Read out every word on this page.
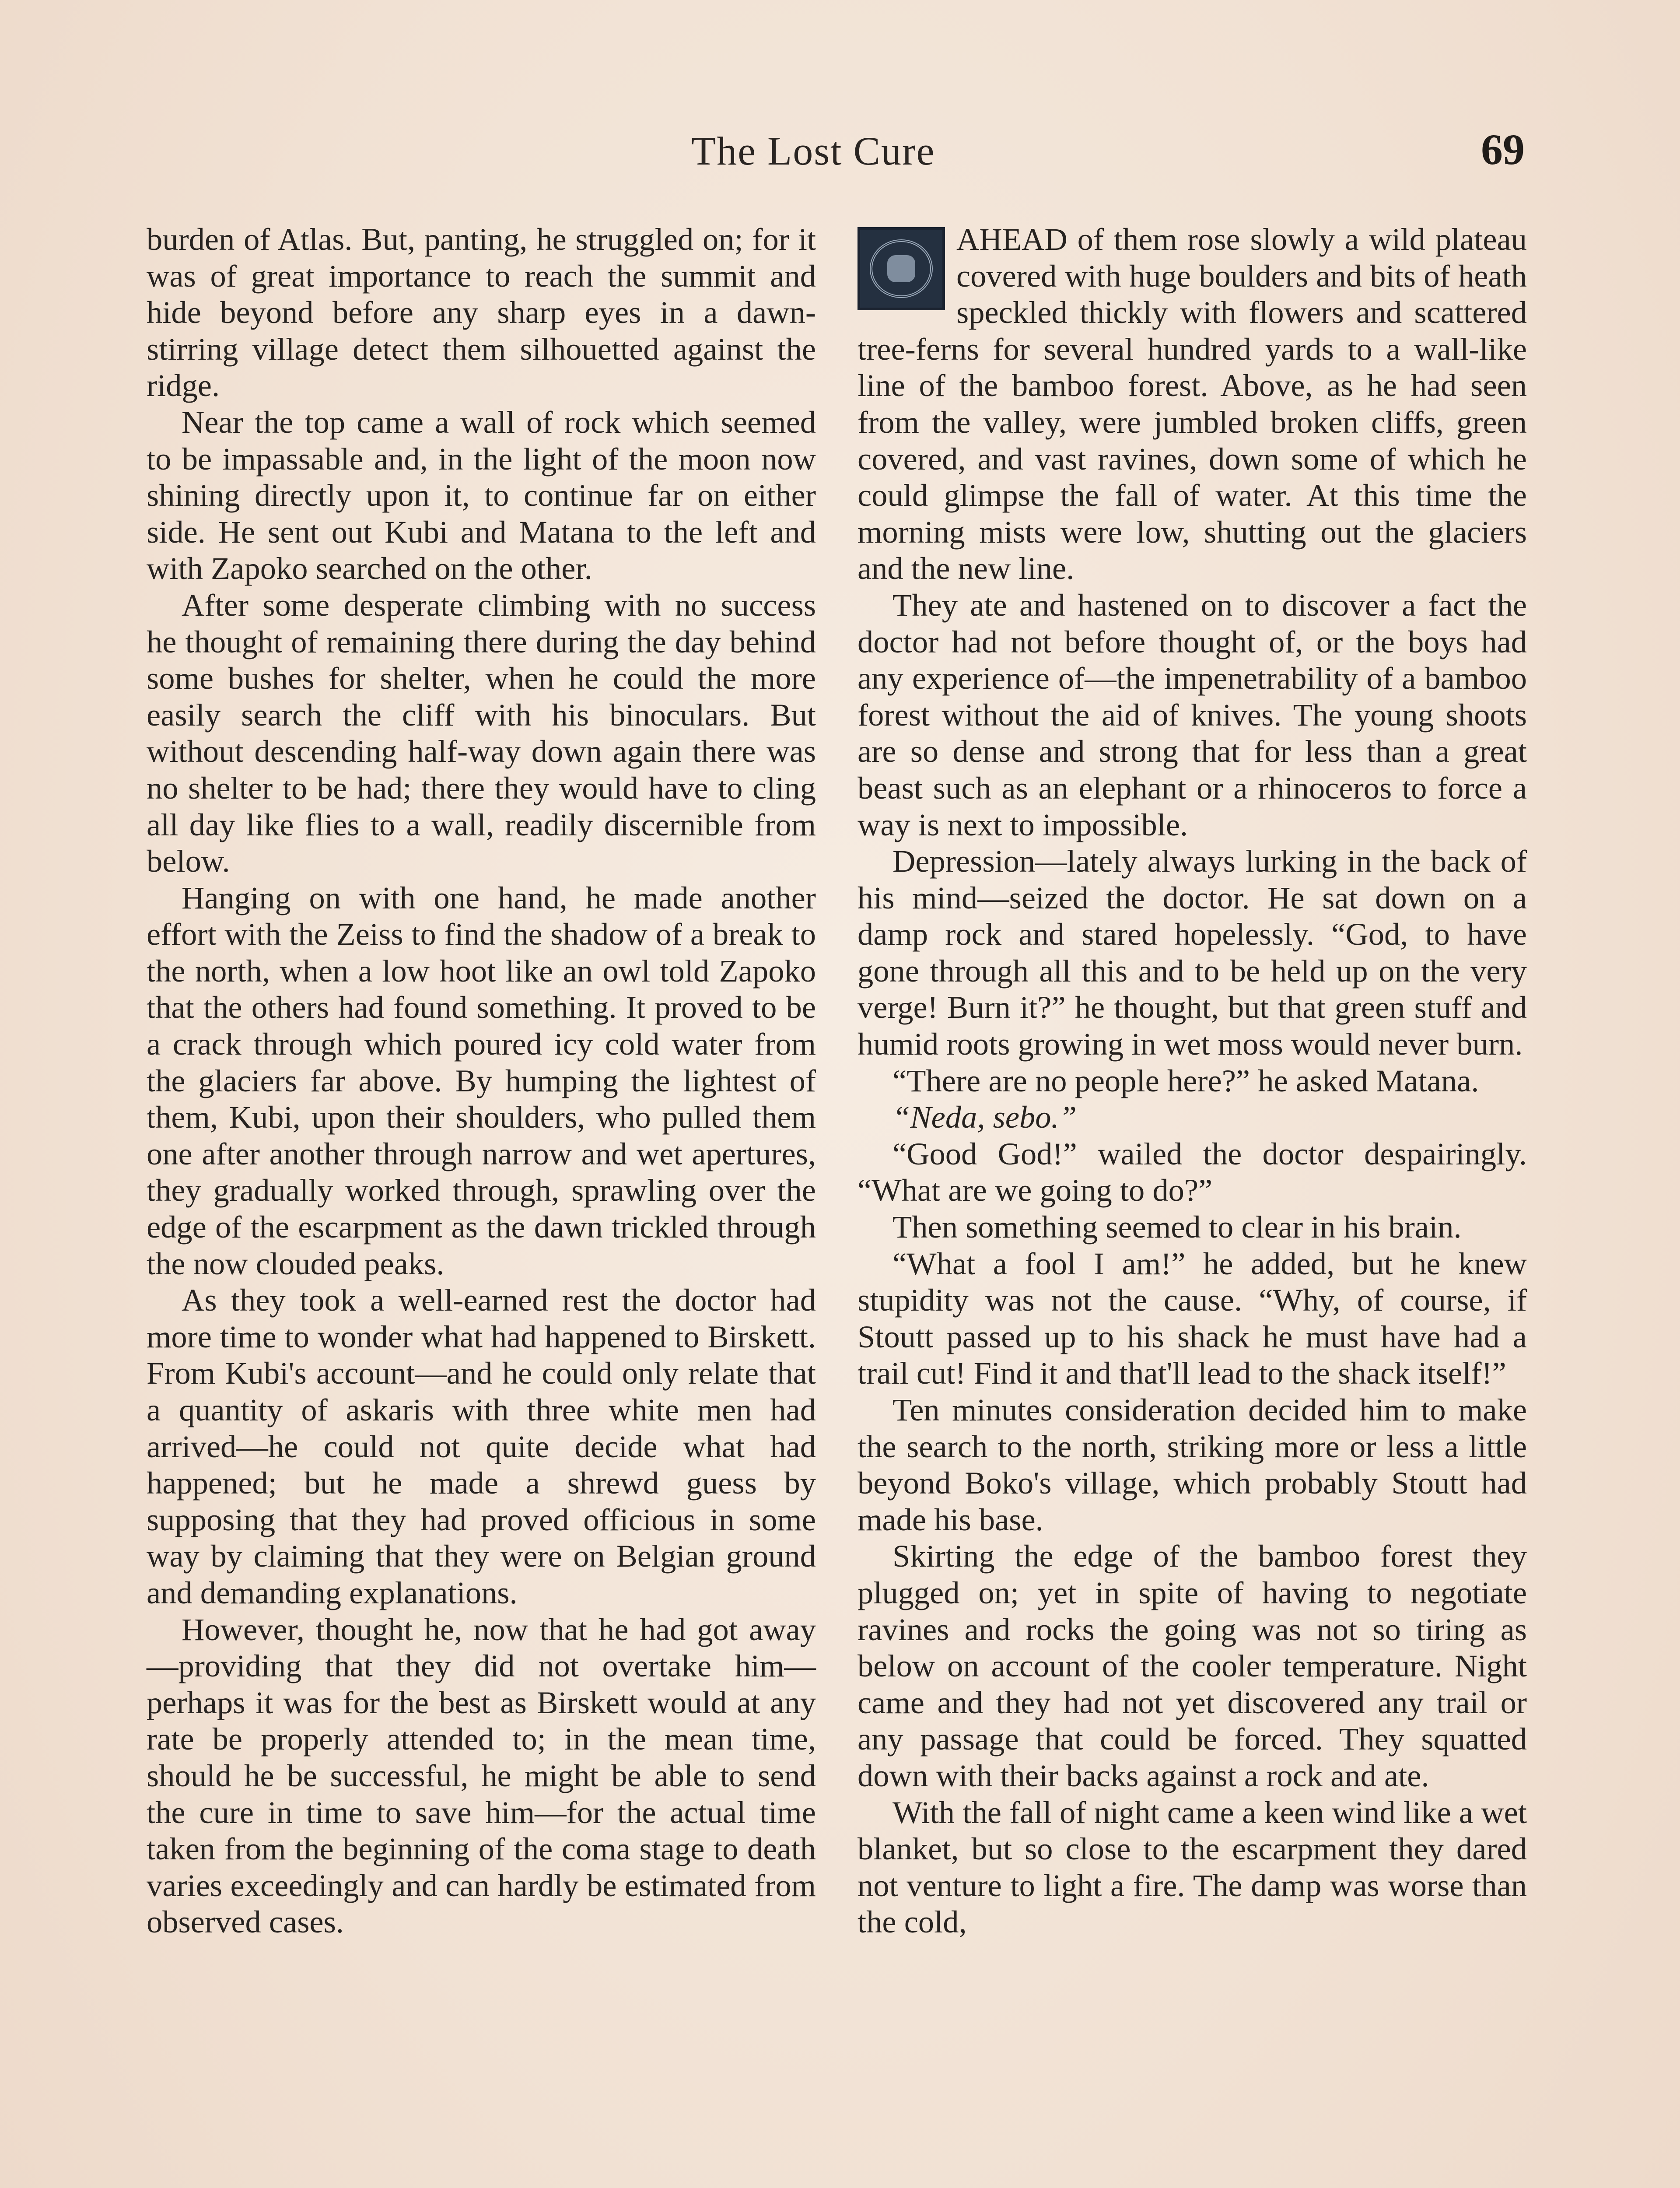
The Lost Cure	69

burden of Atlas. But, panting, he struggled on; for it was of great importance to reach the summit and hide beyond before any sharp eyes in a dawn-stirring village detect them silhouetted against the ridge.

Near the top came a wall of rock which seemed to be impassable and, in the light of the moon now shining directly upon it, to continue far on either side. He sent out Kubi and Matana to the left and with Zapoko searched on the other.

After some desperate climbing with no success he thought of remaining there during the day behind some bushes for shelter, when he could the more easily search the cliff with his binoculars. But without descending half-way down again there was no shelter to be had; there they would have to cling all day like flies to a wall, readily discernible from below.

Hanging on with one hand, he made another effort with the Zeiss to find the shadow of a break to the north, when a low hoot like an owl told Zapoko that the others had found something. It proved to be a crack through which poured icy cold water from the glaciers far above. By humping the lightest of them, Kubi, upon their shoulders, who pulled them one after another through narrow and wet apertures, they gradually worked through, sprawling over the edge of the escarpment as the dawn trickled through the now clouded peaks.

As they took a well-earned rest the doctor had more time to wonder what had happened to Birskett. From Kubi's account—and he could only relate that a quantity of askaris with three white men had arrived—he could not quite decide what had happened; but he made a shrewd guess by supposing that they had proved officious in some way by claiming that they were on Belgian ground and demanding explanations.

However, thought he, now that he had got away—providing that they did not overtake him—perhaps it was for the best as Birskett would at any rate be properly attended to; in the mean time, should he be successful, he might be able to send the cure in time to save him—for the actual time taken from the beginning of the coma stage to death varies exceedingly and can hardly be estimated from observed cases.

AHEAD of them rose slowly a wild plateau covered with huge boulders and bits of heath speckled thickly with flowers and scattered tree-ferns for several hundred yards to a wall-like line of the bamboo forest. Above, as he had seen from the valley, were jumbled broken cliffs, green covered, and vast ravines, down some of which he could glimpse the fall of water. At this time the morning mists were low, shutting out the glaciers and the new line.

They ate and hastened on to discover a fact the doctor had not before thought of, or the boys had any experience of—the impenetrability of a bamboo forest without the aid of knives. The young shoots are so dense and strong that for less than a great beast such as an elephant or a rhinoceros to force a way is next to impossible.

Depression—lately always lurking in the back of his mind—seized the doctor. He sat down on a damp rock and stared hopelessly. “God, to have gone through all this and to be held up on the very verge! Burn it?” he thought, but that green stuff and humid roots growing in wet moss would never burn.

“There are no people here?” he asked Matana.

“Neda, sebo.”

“Good God!” wailed the doctor despairingly. “What are we going to do?”

Then something seemed to clear in his brain.

“What a fool I am!” he added, but he knew stupidity was not the cause. “Why, of course, if Stoutt passed up to his shack he must have had a trail cut! Find it and that'll lead to the shack itself!”

Ten minutes consideration decided him to make the search to the north, striking more or less a little beyond Boko's village, which probably Stoutt had made his base.

Skirting the edge of the bamboo forest they plugged on; yet in spite of having to negotiate ravines and rocks the going was not so tiring as below on account of the cooler temperature. Night came and they had not yet discovered any trail or any passage that could be forced. They squatted down with their backs against a rock and ate.

With the fall of night came a keen wind like a wet blanket, but so close to the escarpment they dared not venture to light a fire. The damp was worse than the cold,
